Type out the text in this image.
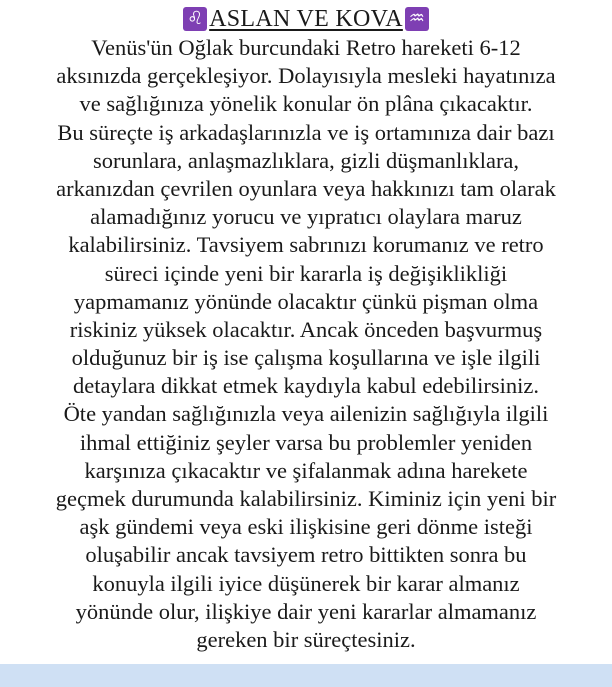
♌ ASLAN VE KOVA ♒
Venüs'ün Oğlak burcundaki Retro hareketi 6-12
aksınızda gerçekleşiyor. Dolayısıyla mesleki hayatınıza
ve sağlığınıza yönelik konular ön plâna çıkacaktır.
Bu süreçte iş arkadaşlarınızla ve iş ortamınıza dair bazı
sorunlara, anlaşmazlıklara, gizli düşmanlıklara,
arkanızdan çevrilen oyunlara veya hakkınızı tam olarak
alamadığınız yorucu ve yıpratıcı olaylara maruz
kalabilirsiniz. Tavsiyem sabrınızı korumanız ve retro
süreci içinde yeni bir kararla iş değişiklikliği
yapmamanız yönünde olacaktır çünkü pişman olma
riskiniz yüksek olacaktır. Ancak önceden başvurmuş
olduğunuz bir iş ise çalışma koşullarına ve işle ilgili
detaylara dikkat etmek kaydıyla kabul edebilirsiniz.
Öte yandan sağlığınızla veya ailenizin sağlığıyla ilgili
ihmal ettiğiniz şeyler varsa bu problemler yeniden
karşınıza çıkacaktır ve şifalanmak adına harekete
geçmek durumunda kalabilirsiniz. Kiminiz için yeni bir
aşk gündemi veya eski ilişkisine geri dönme isteği
oluşabilir ancak tavsiyem retro bittikten sonra bu
konuyla ilgili iyice düşünerek bir karar almanız
yönünde olur, ilişkiye dair yeni kararlar almamanız
gereken bir süreçtesiniz.
